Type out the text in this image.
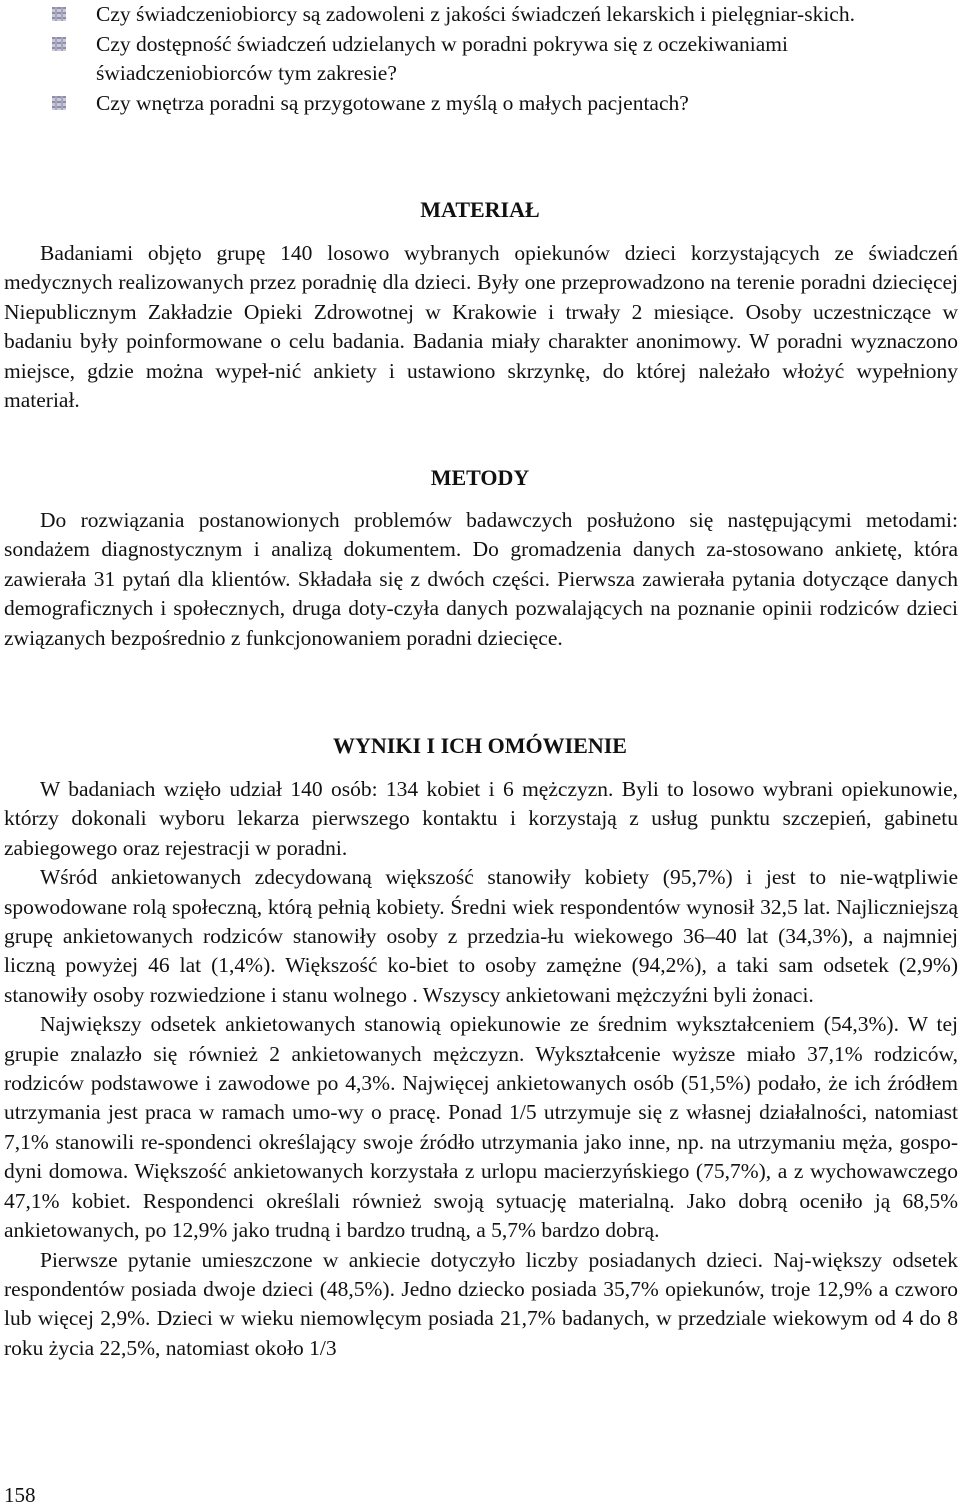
Czy świadczeniobiorcy są zadowoleni z jakości świadczeń lekarskich i pielęgniar-skich.
Czy dostępność świadczeń udzielanych w poradni pokrywa się z oczekiwaniami świadczeniobiorców tym zakresie?
Czy wnętrza poradni są przygotowane z myślą o małych pacjentach?
MATERIAŁ

Badaniami objęto grupę 140 losowo wybranych opiekunów dzieci korzystających ze świadczeń medycznych realizowanych przez poradnię dla dzieci. Były one przeprowadzono na terenie poradni dziecięcej Niepublicznym Zakładzie Opieki Zdrowotnej w Krakowie i trwały 2 miesiące. Osoby uczestniczące w badaniu były poinformowane o celu badania. Badania miały charakter anonimowy. W poradni wyznaczono miejsce, gdzie można wypeł-nić ankiety i ustawiono skrzynkę, do której należało włożyć wypełniony materiał.

METODY

Do rozwiązania postanowionych problemów badawczych posłużono się następującymi metodami: sondażem diagnostycznym i analizą dokumentem. Do gromadzenia danych za-stosowano ankietę, która zawierała 31 pytań dla klientów. Składała się z dwóch części. Pierwsza zawierała pytania dotyczące danych demograficznych i społecznych, druga doty-czyła danych pozwalających na poznanie opinii rodziców dzieci związanych bezpośrednio z funkcjonowaniem poradni dziecięce.

WYNIKI I ICH OMÓWIENIE

W badaniach wzięło udział 140 osób: 134 kobiet i 6 mężczyzn. Byli to losowo wybrani opiekunowie, którzy dokonali wyboru lekarza pierwszego kontaktu i korzystają z usług punktu szczepień, gabinetu zabiegowego oraz rejestracji w poradni.

Wśród ankietowanych zdecydowaną większość stanowiły kobiety (95,7%) i jest to nie-wątpliwie spowodowane rolą społeczną, którą pełnią kobiety. Średni wiek respondentów wynosił 32,5 lat. Najliczniejszą grupę ankietowanych rodziców stanowiły osoby z przedzia-łu wiekowego 36–40 lat (34,3%), a najmniej liczną powyżej 46 lat (1,4%). Większość ko-biet to osoby zamężne (94,2%), a taki sam odsetek (2,9%) stanowiły osoby rozwiedzione i stanu wolnego . Wszyscy ankietowani mężczyźni byli żonaci.

Największy odsetek ankietowanych stanowią opiekunowie ze średnim wykształceniem (54,3%). W tej grupie znalazło się również 2 ankietowanych mężczyzn. Wykształcenie wyższe miało 37,1% rodziców, rodziców podstawowe i zawodowe po 4,3%. Najwięcej ankietowanych osób (51,5%) podało, że ich źródłem utrzymania jest praca w ramach umo-wy o pracę. Ponad 1/5 utrzymuje się z własnej działalności, natomiast 7,1% stanowili re-spondenci określający swoje źródło utrzymania jako inne, np. na utrzymaniu męża, gospo-dyni domowa. Większość ankietowanych korzystała z urlopu macierzyńskiego (75,7%), a z wychowawczego 47,1% kobiet. Respondenci określali również swoją sytuację materialną. Jako dobrą oceniło ją 68,5% ankietowanych, po 12,9% jako trudną i bardzo trudną, a 5,7% bardzo dobrą.

Pierwsze pytanie umieszczone w ankiecie dotyczyło liczby posiadanych dzieci. Naj-większy odsetek respondentów posiada dwoje dzieci (48,5%). Jedno dziecko posiada 35,7% opiekunów, troje 12,9% a czworo lub więcej 2,9%. Dzieci w wieku niemowlęcym posiada 21,7% badanych, w przedziale wiekowym od 4 do 8 roku życia 22,5%, natomiast około 1/3

158
